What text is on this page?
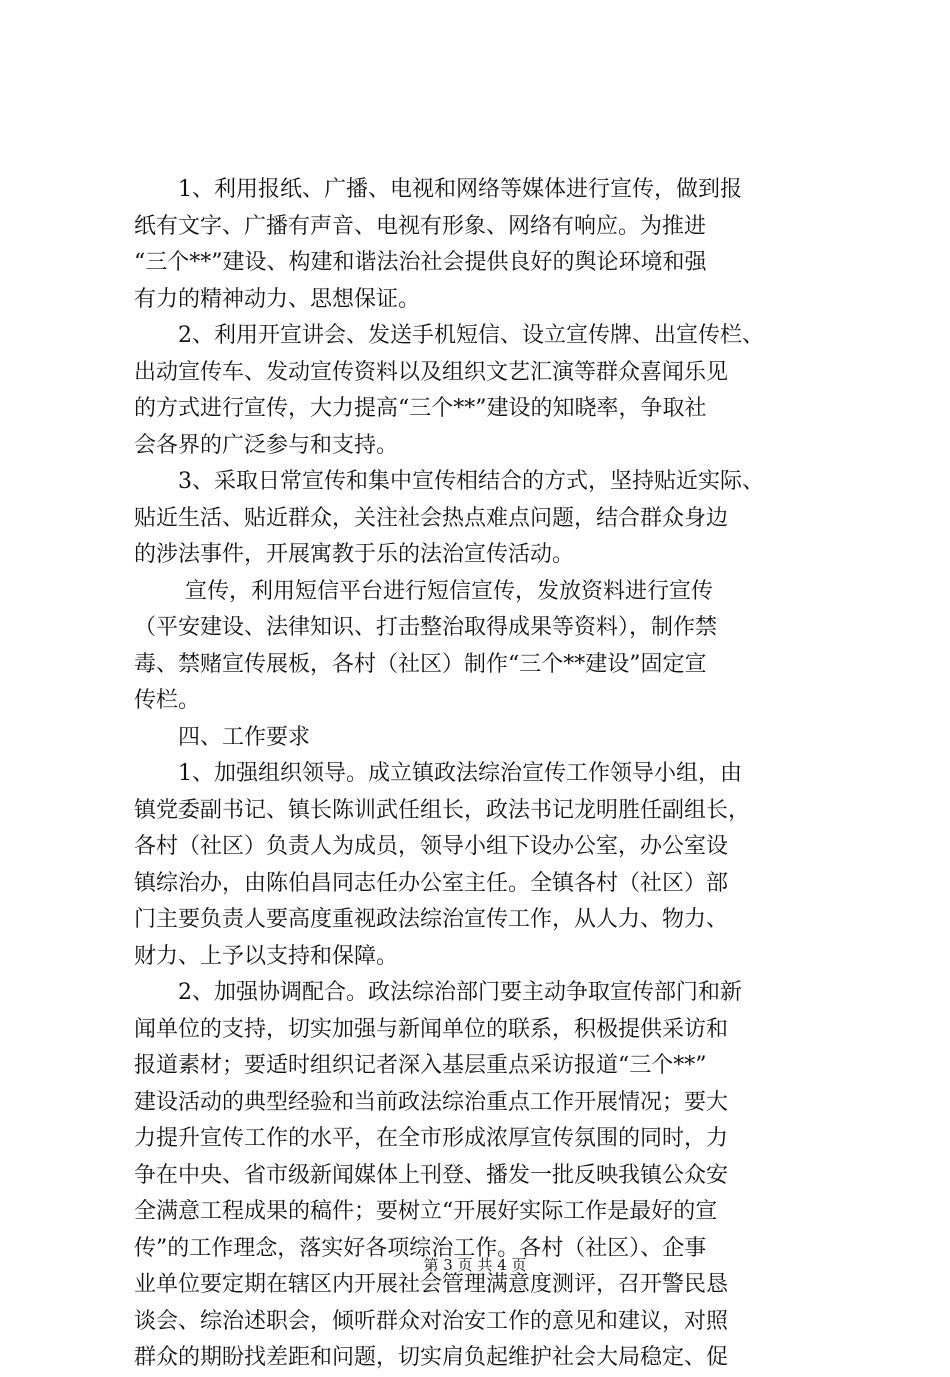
　　1、利用报纸、广播、电视和网络等媒体进行宣传，做到报
纸有文字、广播有声音、电视有形象、网络有响应。为推进
“三个**”建设、构建和谐法治社会提供良好的舆论环境和强
有力的精神动力、思想保证。
　　2、利用开宣讲会、发送手机短信、设立宣传牌、出宣传栏、
出动宣传车、发动宣传资料以及组织文艺汇演等群众喜闻乐见
的方式进行宣传，大力提高“三个**”建设的知晓率，争取社
会各界的广泛参与和支持。
　　3、采取日常宣传和集中宣传相结合的方式，坚持贴近实际、
贴近生活、贴近群众，关注社会热点难点问题，结合群众身边
的涉法事件，开展寓教于乐的法治宣传活动。
　　 宣传，利用短信平台进行短信宣传，发放资料进行宣传
（平安建设、法律知识、打击整治取得成果等资料），制作禁
毒、禁赌宣传展板，各村（社区）制作“三个**建设”固定宣
传栏。
　　四、工作要求
　　1、加强组织领导。成立镇政法综治宣传工作领导小组，由
镇党委副书记、镇长陈训武任组长，政法书记龙明胜任副组长，
各村（社区）负责人为成员，领导小组下设办公室，办公室设
镇综治办，由陈伯昌同志任办公室主任。全镇各村（社区）部
门主要负责人要高度重视政法综治宣传工作，从人力、物力、
财力、上予以支持和保障。
　　2、加强协调配合。政法综治部门要主动争取宣传部门和新
闻单位的支持，切实加强与新闻单位的联系，积极提供采访和
报道素材；要适时组织记者深入基层重点采访报道“三个**”
建设活动的典型经验和当前政法综治重点工作开展情况；要大
力提升宣传工作的水平，在全市形成浓厚宣传氛围的同时，力
争在中央、省市级新闻媒体上刊登、播发一批反映我镇公众安
全满意工程成果的稿件；要树立“开展好实际工作是最好的宣
传”的工作理念，落实好各项综治工作。各村（社区）、企事
业单位要定期在辖区内开展社会管理满意度测评，召开警民恳
谈会、综治述职会，倾听群众对治安工作的意见和建议，对照
群众的期盼找差距和问题，切实肩负起维护社会大局稳定、促
第 3 页 共 4 页
